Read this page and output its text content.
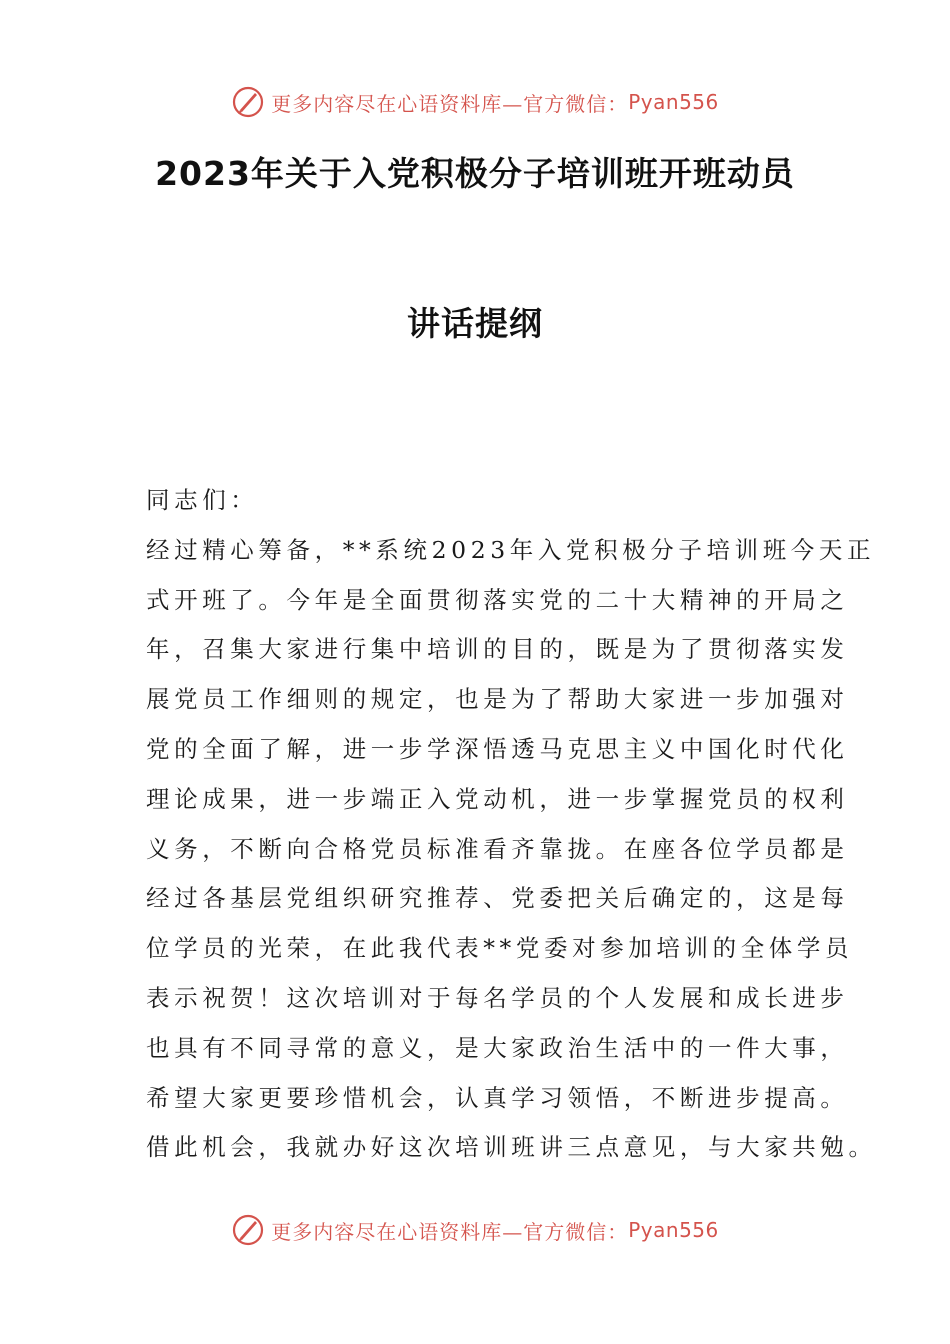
更多内容尽在心语资料库—官方微信： Pyan556
2023年关于入党积极分子培训班开班动员
讲话提纲
同志们：
经过精心筹备，**系统2023年入党积极分子培训班今天正
式开班了。今年是全面贯彻落实党的二十大精神的开局之
年，召集大家进行集中培训的目的，既是为了贯彻落实发
展党员工作细则的规定，也是为了帮助大家进一步加强对
党的全面了解，进一步学深悟透马克思主义中国化时代化
理论成果，进一步端正入党动机，进一步掌握党员的权利
义务，不断向合格党员标准看齐靠拢。在座各位学员都是
经过各基层党组织研究推荐、党委把关后确定的，这是每
位学员的光荣，在此我代表**党委对参加培训的全体学员
表示祝贺！这次培训对于每名学员的个人发展和成长进步
也具有不同寻常的意义，是大家政治生活中的一件大事，
希望大家更要珍惜机会，认真学习领悟，不断进步提高。
借此机会，我就办好这次培训班讲三点意见，与大家共勉。
更多内容尽在心语资料库—官方微信： Pyan556
